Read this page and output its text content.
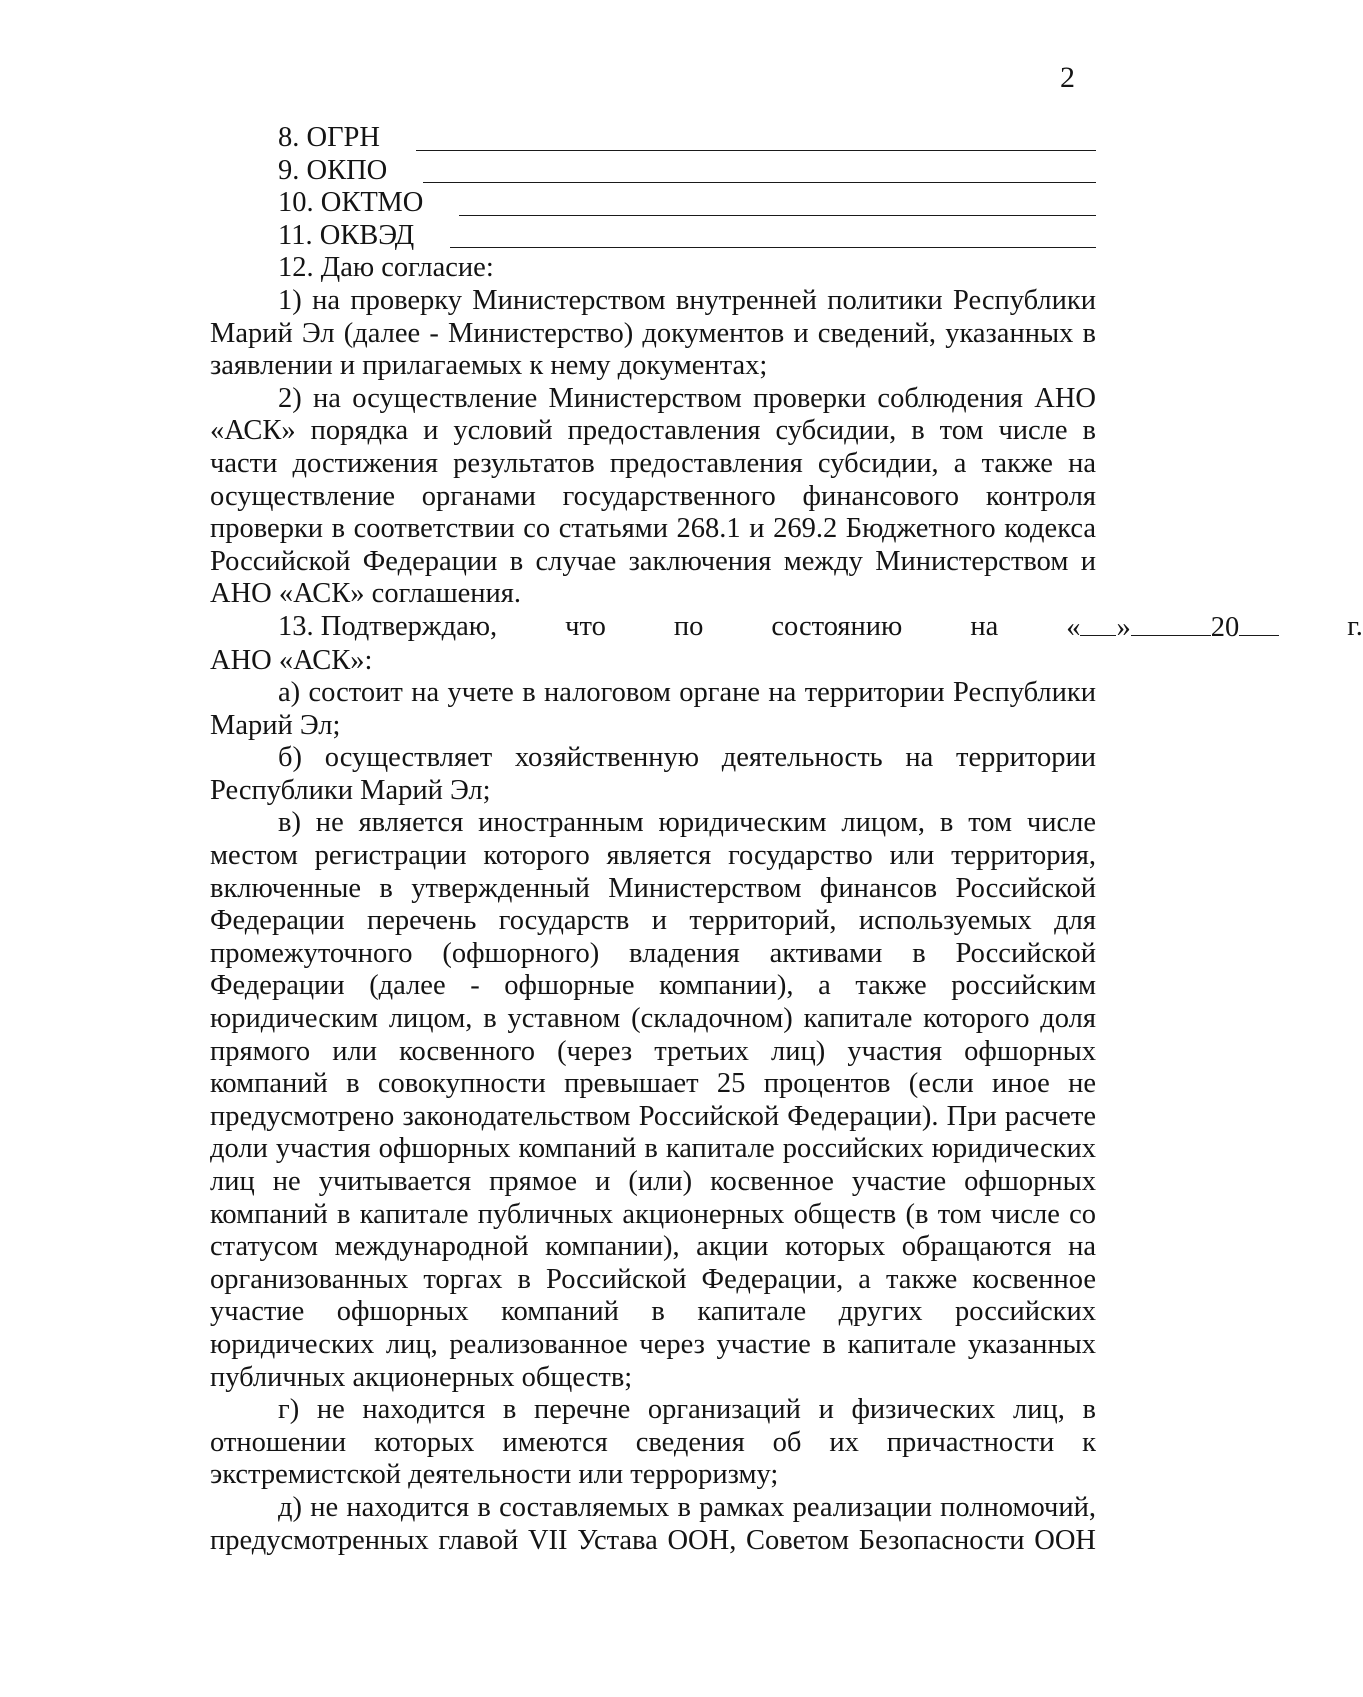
2
8. ОГРН
9. ОКПО
10. ОКТМО
11. ОКВЭД

12. Даю согласие:

1) на проверку Министерством внутренней политики Республики Марий Эл (далее - Министерство) документов и сведений, указанных в заявлении и прилагаемых к нему документах;

2) на осуществление Министерством проверки соблюдения АНО «АСК» порядка и условий предоставления субсидии, в том числе в части достижения результатов предоставления субсидии, а также на осуществление органами государственного финансового контроля проверки в соответствии со статьями 268.1 и 269.2 Бюджетного кодекса Российской Федерации в случае заключения между Министерством и АНО «АСК» соглашения.

13. Подтверждаю,	что	по	состоянию	на	« »	20	г.
АНО «АСК»:

а) состоит на учете в налоговом органе на территории Республики Марий Эл;

б) осуществляет хозяйственную деятельность на территории Республики Марий Эл;

в) не является иностранным юридическим лицом, в том числе местом регистрации которого является государство или территория, включенные в утвержденный Министерством финансов Российской Федерации перечень государств и территорий, используемых для промежуточного (офшорного) владения активами в Российской Федерации (далее - офшорные компании), а также российским юридическим лицом, в уставном (складочном) капитале которого доля прямого или косвенного (через третьих лиц) участия офшорных компаний в совокупности превышает 25 процентов (если иное не предусмотрено законодательством Российской Федерации). При расчете доли участия офшорных компаний в капитале российских юридических лиц не учитывается прямое и (или) косвенное участие офшорных компаний в капитале публичных акционерных обществ (в том числе со статусом международной компании), акции которых обращаются на организованных торгах в Российской Федерации, а также косвенное участие офшорных компаний в капитале других российских юридических лиц, реализованное через участие в капитале указанных публичных акционерных обществ;

г) не находится в перечне организаций и физических лиц, в отношении которых имеются сведения об их причастности к экстремистской деятельности или терроризму;

д) не находится в составляемых в рамках реализации полномочий,
предусмотренных главой VII Устава ООН, Советом Безопасности ООН
